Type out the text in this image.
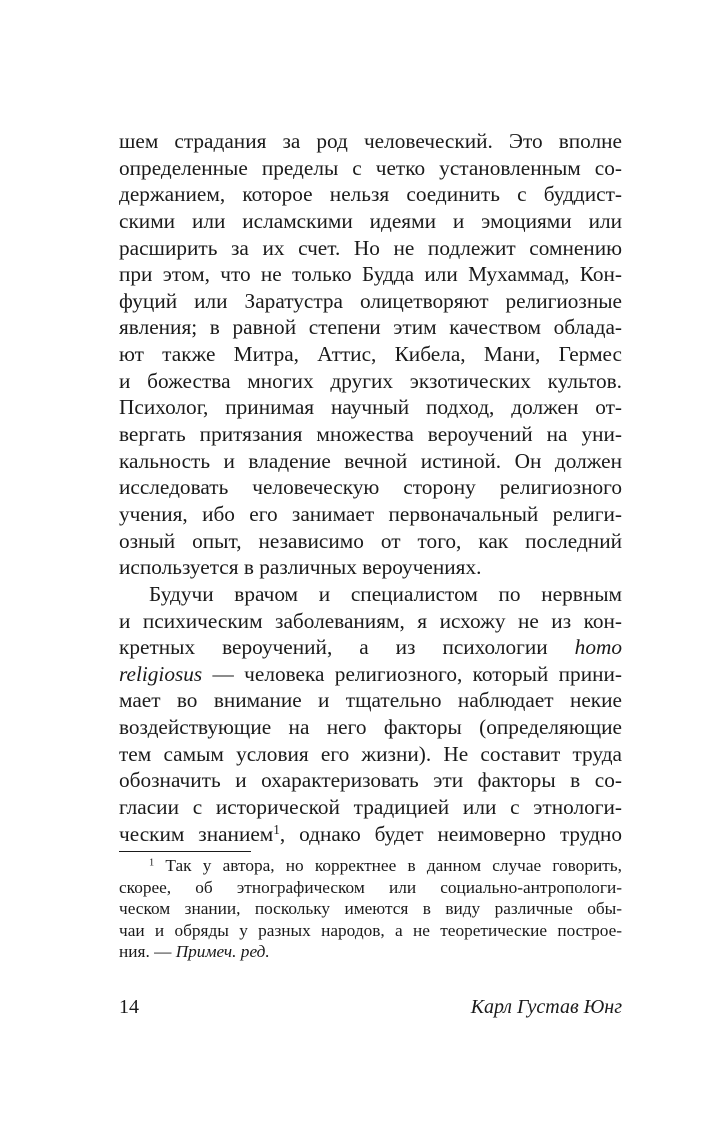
шем страдания за род человеческий. Это вполне
определенные пределы с четко установленным со-
держанием, которое нельзя соединить с буддист-
скими или исламскими идеями и эмоциями или
расширить за их счет. Но не подлежит сомнению
при этом, что не только Будда или Мухаммад, Кон-
фуций или Заратустра олицетворяют религиозные
явления; в равной степени этим качеством облада-
ют также Митра, Аттис, Кибела, Мани, Гермес
и божества многих других экзотических культов.
Психолог, принимая научный подход, должен от-
вергать притязания множества вероучений на уни-
кальность и владение вечной истиной. Он должен
исследовать человеческую сторону религиозного
учения, ибо его занимает первоначальный религи-
озный опыт, независимо от того, как последний
используется в различных вероучениях.
Будучи врачом и специалистом по нервным
и психическим заболеваниям, я исхожу не из кон-
кретных вероучений, а из психологии homo
religiosus — человека религиозного, который прини-
мает во внимание и тщательно наблюдает некие
воздействующие на него факторы (определяющие
тем самым условия его жизни). Не составит труда
обозначить и охарактеризовать эти факторы в со-
гласии с исторической традицией или с этнологи-
ческим знанием$^1$, однако будет неимоверно трудно
$^1$ Так у автора, но корректнее в данном случае говорить,
скорее, об этнографическом или социально-антропологи-
ческом знании, поскольку имеются в виду различные обы-
чаи и обряды у разных народов, а не теоретические построе-
ния. — Примеч. ред.
14	Карл Густав Юнг
